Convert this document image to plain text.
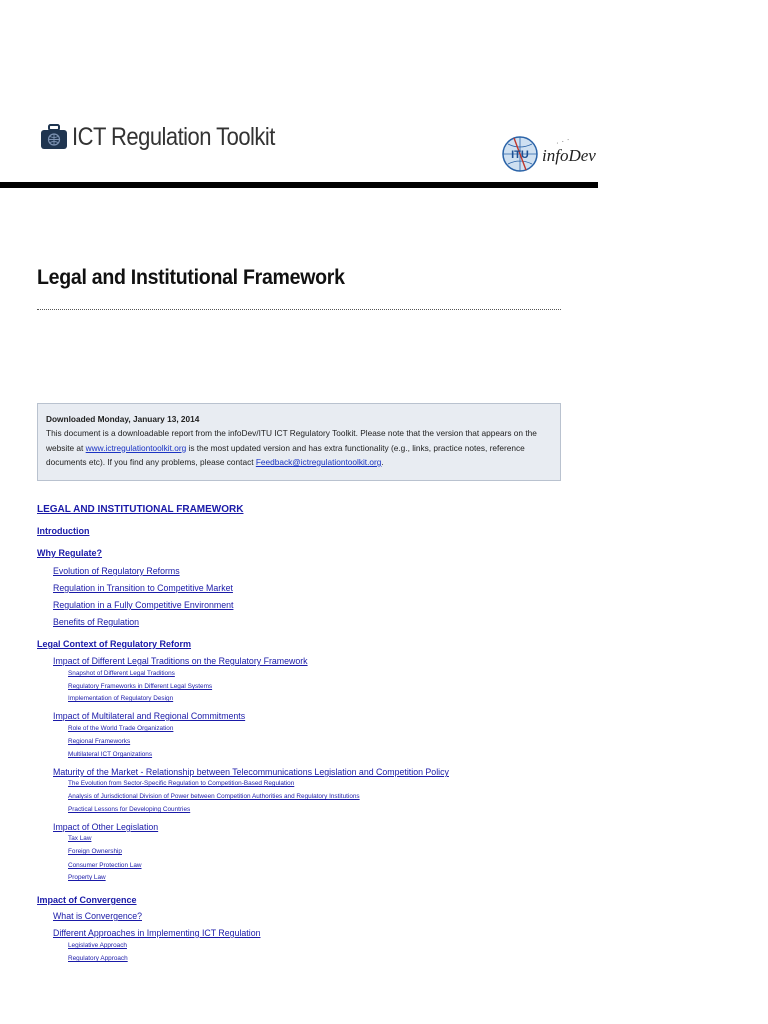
ICT Regulation Toolkit
ITU infoDev
⠄⠂⠁
Legal and Institutional Framework
Downloaded Monday, January 13, 2014
This document is a downloadable report from the infoDev/ITU ICT Regulatory Toolkit. Please note that the version that appears on the website at www.ictregulationtoolkit.org is the most updated version and has extra functionality (e.g., links, practice notes, reference documents etc). If you find any problems, please contact Feedback@ictregulationtoolkit.org.
LEGAL AND INSTITUTIONAL FRAMEWORK
Introduction
Why Regulate?
Evolution of Regulatory Reforms
Regulation in Transition to Competitive Market
Regulation in a Fully Competitive Environment
Benefits of Regulation
Legal Context of Regulatory Reform
Impact of Different Legal Traditions on the Regulatory Framework
Snapshot of Different Legal Traditions
Regulatory Frameworks in Different Legal Systems
Implementation of Regulatory Design
Impact of Multilateral and Regional Commitments
Role of the World Trade Organization
Regional Frameworks
Multilateral ICT Organizations
Maturity of the Market - Relationship between Telecommunications Legislation and Competition Policy
The Evolution from Sector-Specific Regulation to Competition-Based Regulation
Analysis of Jurisdictional Division of Power between Competition Authorities and Regulatory Institutions
Practical Lessons for Developing Countries
Impact of Other Legislation
Tax Law
Foreign Ownership
Consumer Protection Law
Property Law
Impact of Convergence
What is Convergence?
Different Approaches in Implementing ICT Regulation
Legislative Approach
Regulatory Approach
